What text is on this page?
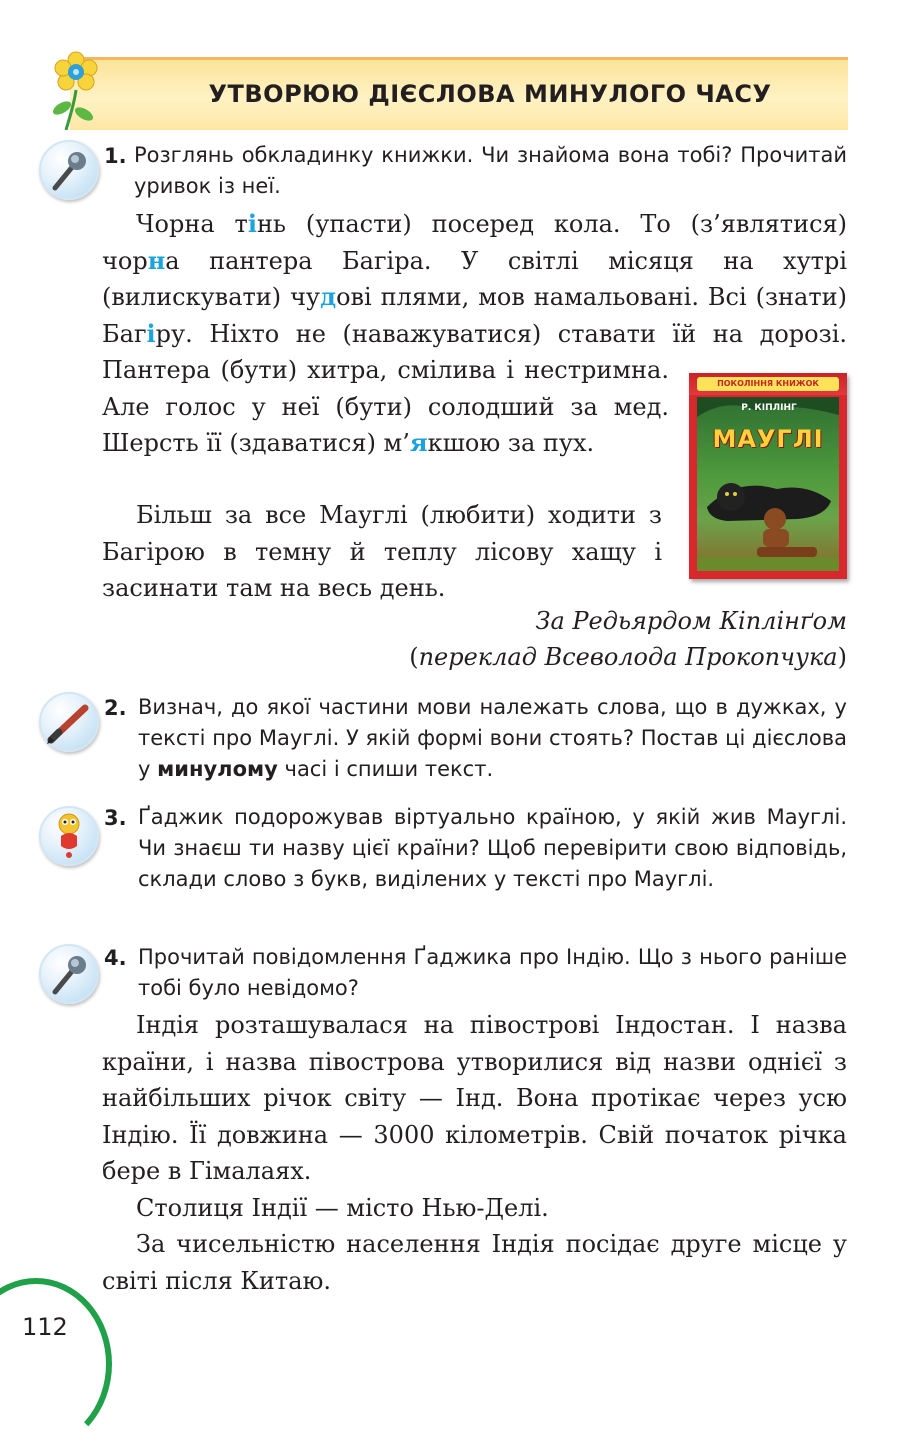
УТВОРЮЮ ДІЄСЛОВА МИНУЛОГО ЧАСУ
1. Розглянь обкладинку книжки. Чи знайома вона тобі? Прочитай уривок із неї.

Чорна тінь (упасти) посеред кола. То (з’являтися) чорна пантера Багіра. У світлі місяця на хутрі (вилискувати) чудові плями, мов намальовані. Всі (знати) Багіру. Ніхто не (наважуватися) ставати їй на дорозі. Пантера (бути) хитра, смілива і нестримна. Але голос у неї (бути) солодший за мед. Шерсть її (здаватися) м’якшою за пух.

Більш за все Мауглі (любити) ходити з Багірою в темну й теплу лісову хащу і засинати там на весь день.

ПОКОЛІННЯ КНИЖОК
Р. КІПЛІНГ
МАУГЛІ
За Редьярдом Кіплінґом
(переклад Всеволода Прокопчука)
2. Визнач, до якої частини мови належать слова, що в дужках, у тексті про Мауглі. У якій формі вони стоять? Постав ці дієслова у минулому часі і спиши текст.
3. Ґаджик подорожував віртуально країною, у якій жив Мауглі. Чи знаєш ти назву цієї країни? Щоб перевірити свою відповідь, склади слово з букв, виділених у тексті про Мауглі.
4. Прочитай повідомлення Ґаджика про Індію. Що з нього раніше тобі було невідомо?

Індія розташувалася на півострові Індостан. І назва країни, і назва півострова утворилися від назви однієї з найбільших річок світу — Інд. Вона протікає через усю Індію. Її довжина — 3000 кілометрів. Свій початок річка бере в Гімалаях.

Столиця Індії — місто Нью-Делі.

За чисельністю населення Індія посідає друге місце у світі після Китаю.

112
